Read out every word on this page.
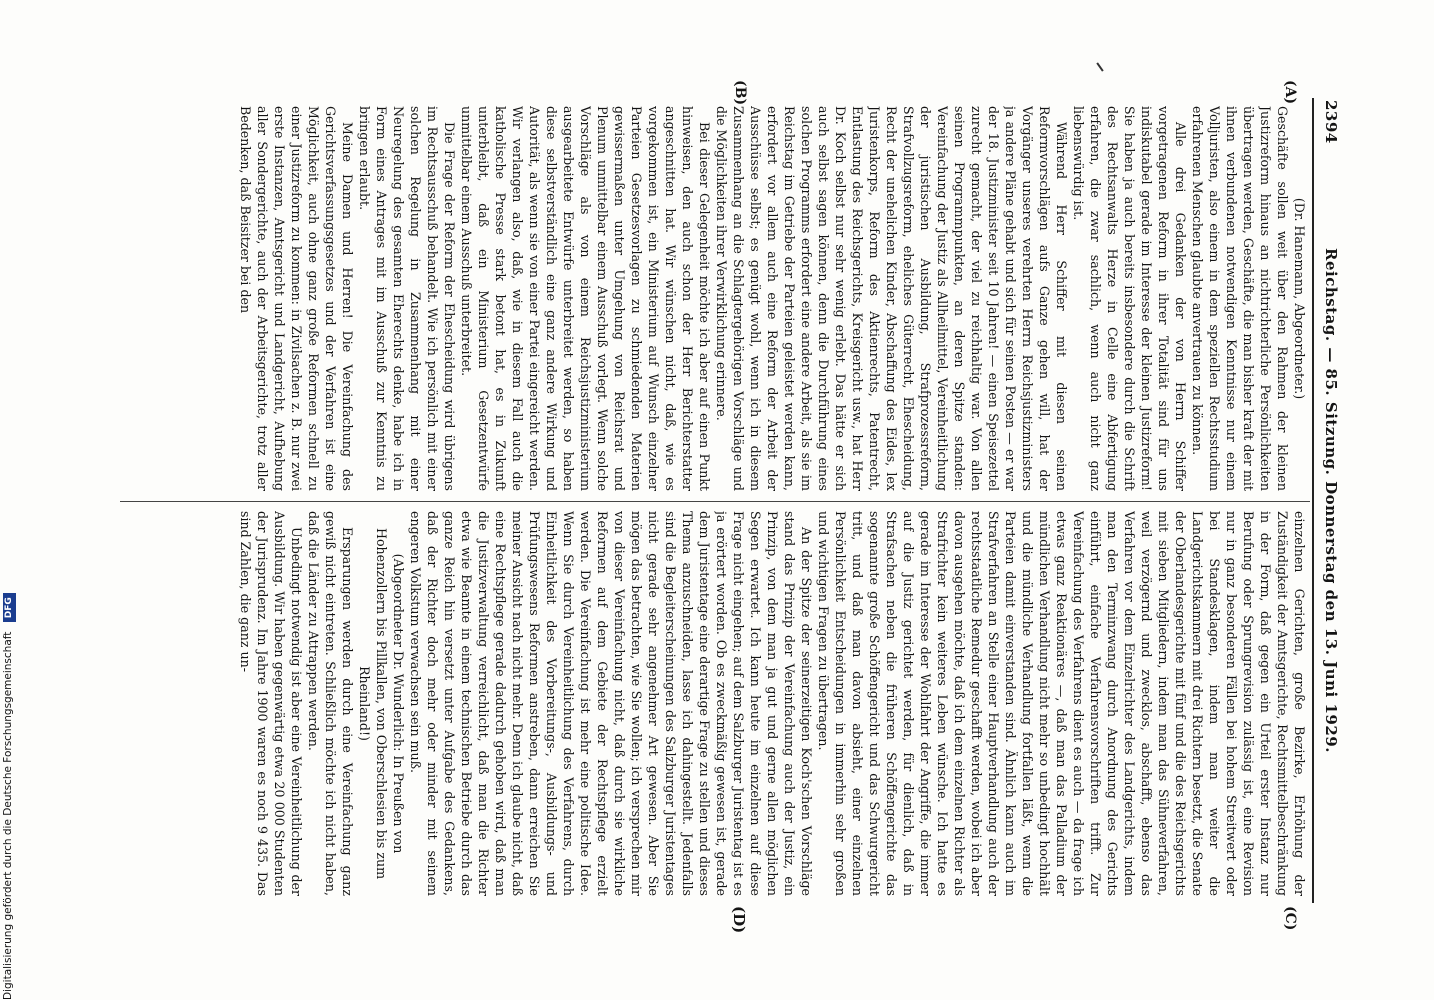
2394
Reichstag. — 85. Sitzung. Donnerstag den 13. Juni 1929.
(A)
(B)
(C)
(D)

(Dr. Hanemann, Abgeordneter.)

Geschäfte sollen weit über den Rahmen der kleinen Justizreform hinaus an nichtrichterliche Persönlichkeiten übertragen werden, Geschäfte, die man bisher kraft der mit ihnen verbundenen notwendigen Kenntnisse nur einem Volljuristen, also einem in dem speziellen Rechtsstudium erfahrenen Menschen glaubte anvertrauen zu können.

Alle drei Gedanken der von Herrn Schiffer vorgetragenen Reform in ihrer Totalität sind für uns indiskutabel gerade im Interesse der kleinen Justizreform! Sie haben ja auch bereits insbesondere durch die Schrift des Rechtsanwalts Herze in Celle eine Abfertigung erfahren, die zwar sachlich, wenn auch nicht ganz liebenswürdig ist.

Während Herr Schiffer mit diesen seinen Reformvorschlägen aufs Ganze gehen will, hat der Vorgänger unseres verehrten Herrn Reichsjustizministers ja andere Pläne gehabt und sich für seinen Posten — er war der 18. Justizminister seit 10 Jahren! — einen Speisezettel zurecht gemacht, der viel zu reichhaltig war. Von allen seinen Programmpunkten, an deren Spitze standen: Vereinfachung der Justiz als Allheilmittel, Vereinheitlichung der juristischen Ausbildung, Strafprozessreform, Strafvollzugsreform, eheliches Güterrecht, Ehescheidung, Recht der unehelichen Kinder, Abschaffung des Eides, lex Juristenkorps, Reform des Aktienrechts, Patentrecht, Entlastung des Reichsgerichts, Kreisgericht usw., hat Herr Dr. Koch selbst nur sehr wenig erlebt. Das hätte er sich auch selbst sagen können, denn die Durchführung eines solchen Programms erfordert eine andere Arbeit, als sie im Reichstag im Getriebe der Parteien geleistet werden kann, erfordert vor allem auch eine Reform der Arbeit der Ausschüsse selbst; es genügt wohl, wenn ich in diesem Zusammenhang an die Schlagtergehörigen Vorschläge und die Möglichkeiten ihrer Verwirklichung erinnere.

Bei dieser Gelegenheit möchte ich aber auf einen Punkt hinweisen, den auch schon der Herr Berichterstatter angeschnitten hat. Wir wünschen nicht, daß, wie es vorgekommen ist, ein Ministerium auf Wunsch einzelner Parteien Gesetzesvorlagen zu schmiedenden Materien gewissermaßen unter Umgehung von Reichsrat und Plenum unmittelbar einem Ausschuß vorlegt. Wenn solche Vorschläge als von einem Reichsjustizministerium ausgearbeitete Entwürfe unterbreitet werden, so haben diese selbstverständlich eine ganz andere Wirkung und Autorität, als wenn sie von einer Partei eingereicht werden. Wir verlangen also, daß, wie in diesem Fall auch die katholische Presse stark betont hat, es in Zukunft unterbleibt, daß ein Ministerium Gesetzentwürfe unmittelbar einem Ausschuß unterbreitet.

Die Frage der Reform der Ehescheidung wird übrigens im Rechtsausschuß behandelt. Wie ich persönlich mit einer solchen Regelung in Zusammenhang mit einer Neuregelung des gesamten Eherechts denke, habe ich in Form eines Antrages mit im Ausschuß zur Kenntnis zu bringen erlaubt.

Meine Damen und Herren! Die Vereinfachung des Gerichtsverfassungsgesetzes und der Verfahren ist eine Möglichkeit, auch ohne ganz große Reformen schnell zu einer Justizreform zu kommen: in Zivilsachen z. B. nur zwei erste Instanzen, Amtsgericht und Landgericht, Aufhebung aller Sondergerichte, auch der Arbeitsgerichte, trotz aller Bedenken, daß Beisitzer bei den

einzelnen Gerichten, große Bezirke, Erhöhung der Zuständigkeit der Amtsgerichte, Rechtsmittelbeschränkung in der Form, daß gegen ein Urteil erster Instanz nur Berufung oder Sprungrevision zulässig ist, eine Revision nur in ganz besonderen Fällen bei hohem Streitwert oder bei Standesklagen, indem man weiter die Landgerichtskammern mit drei Richtern besetzt, die Senate der Oberlandesgerichte mit fünf und die des Reichsgerichts mit sieben Mitgliedern, indem man das Sühneverfahren, weil verzögernd und zwecklos, abschafft, ebenso das Verfahren vor dem Einzelrichter des Landgerichts, indem man den Terminzwang durch Anordnung des Gerichts einführt, einfache Verfahrensvorschriften trifft. Zur Vereinfachung des Verfahrens dient es auch — da frage ich etwas ganz Reaktionäres —, daß man das Palladium der mündlichen Verhandlung nicht mehr so unbedingt hochhält und die mündliche Verhandlung fortfallen läßt, wenn die Parteien damit einverstanden sind. Ähnlich kann auch im Strafverfahren an Stelle einer Hauptverhandlung auch der rechtsstaatliche Remedur geschafft werden, wobei ich aber davon ausgehen möchte, daß ich dem einzelnen Richter als Strafrichter kein weiteres Leben wünsche. Ich hatte es gerade im Interesse der Wohlfahrt der Angriffe, die immer auf die Justiz gerichtet werden, für dienlich, daß in Strafsachen neben die früheren Schöffengerichte das sogenannte große Schöffengericht und das Schwurgericht tritt, und daß man davon absieht, einer einzelnen Persönlichkeit Entscheidungen in immerhin sehr großen und wichtigen Fragen zu übertragen.

An der Spitze der seinerzeitigen Koch'schen Vorschläge stand das Prinzip der Vereinfachung auch der Justiz, ein Prinzip, von dem man ja gut und gerne allen möglichen Segen erwartet. Ich kann heute im einzelnen auf diese Frage nicht eingehen; auf dem Salzburger Juristentag ist es ja erörtert worden. Ob es zweckmäßig gewesen ist, gerade dem Juristentage eine derartige Frage zu stellen und dieses Thema anzuschneiden, lasse ich dahingestellt. Jedenfalls sind die Begleiterscheinungen des Salzburger Juristentages nicht gerade sehr angenehmer Art gewesen. Aber Sie mögen das betrachten, wie Sie wollen; ich versprechen mir von dieser Vereinfachung nicht, daß durch sie wirkliche Reformen auf dem Gebiete der Rechtspflege erzielt werden. Die Vereinfachung ist mehr eine politische Idee. Wenn Sie durch Vereinheitlichung des Verfahrens, durch Einheitlichkeit des Vorbereitungs-, Ausbildungs- und Prüfungswesens Reformen anstreben, dann erreichen Sie meiner Ansicht nach nicht mehr. Denn ich glaube nicht, daß eine Rechtspflege gerade dadurch gehoben wird, daß man die Justizverwaltung verreichlicht, daß man die Richter etwa wie Beamte in einem technischen Betriebe durch das ganze Reich hin versetzt unter Aufgabe des Gedankens, daß der Richter doch mehr oder minder mit seinem engeren Volkstum verwachsen sein muß.

(Abgeordneter Dr. Wunderlich: In Preußen von Hohenzollern bis Pillkallen, von Oberschlesien bis zum Rheinland!)

Ersparungen werden durch eine Vereinfachung ganz gewiß nicht eintreten. Schließlich möchte ich nicht haben, daß die Länder zu Attrappen werden.

Unbedingt notwendig ist aber eine Vereinheitlichung der Ausbildung. Wir haben gegenwärtig etwa 20 000 Studenten der Jurisprudenz. Im Jahre 1900 waren es noch 9 435. Das sind Zahlen, die ganz un-

Digitalisierung gefördert durch die Deutsche Forschungsgemeinschaft DFG
